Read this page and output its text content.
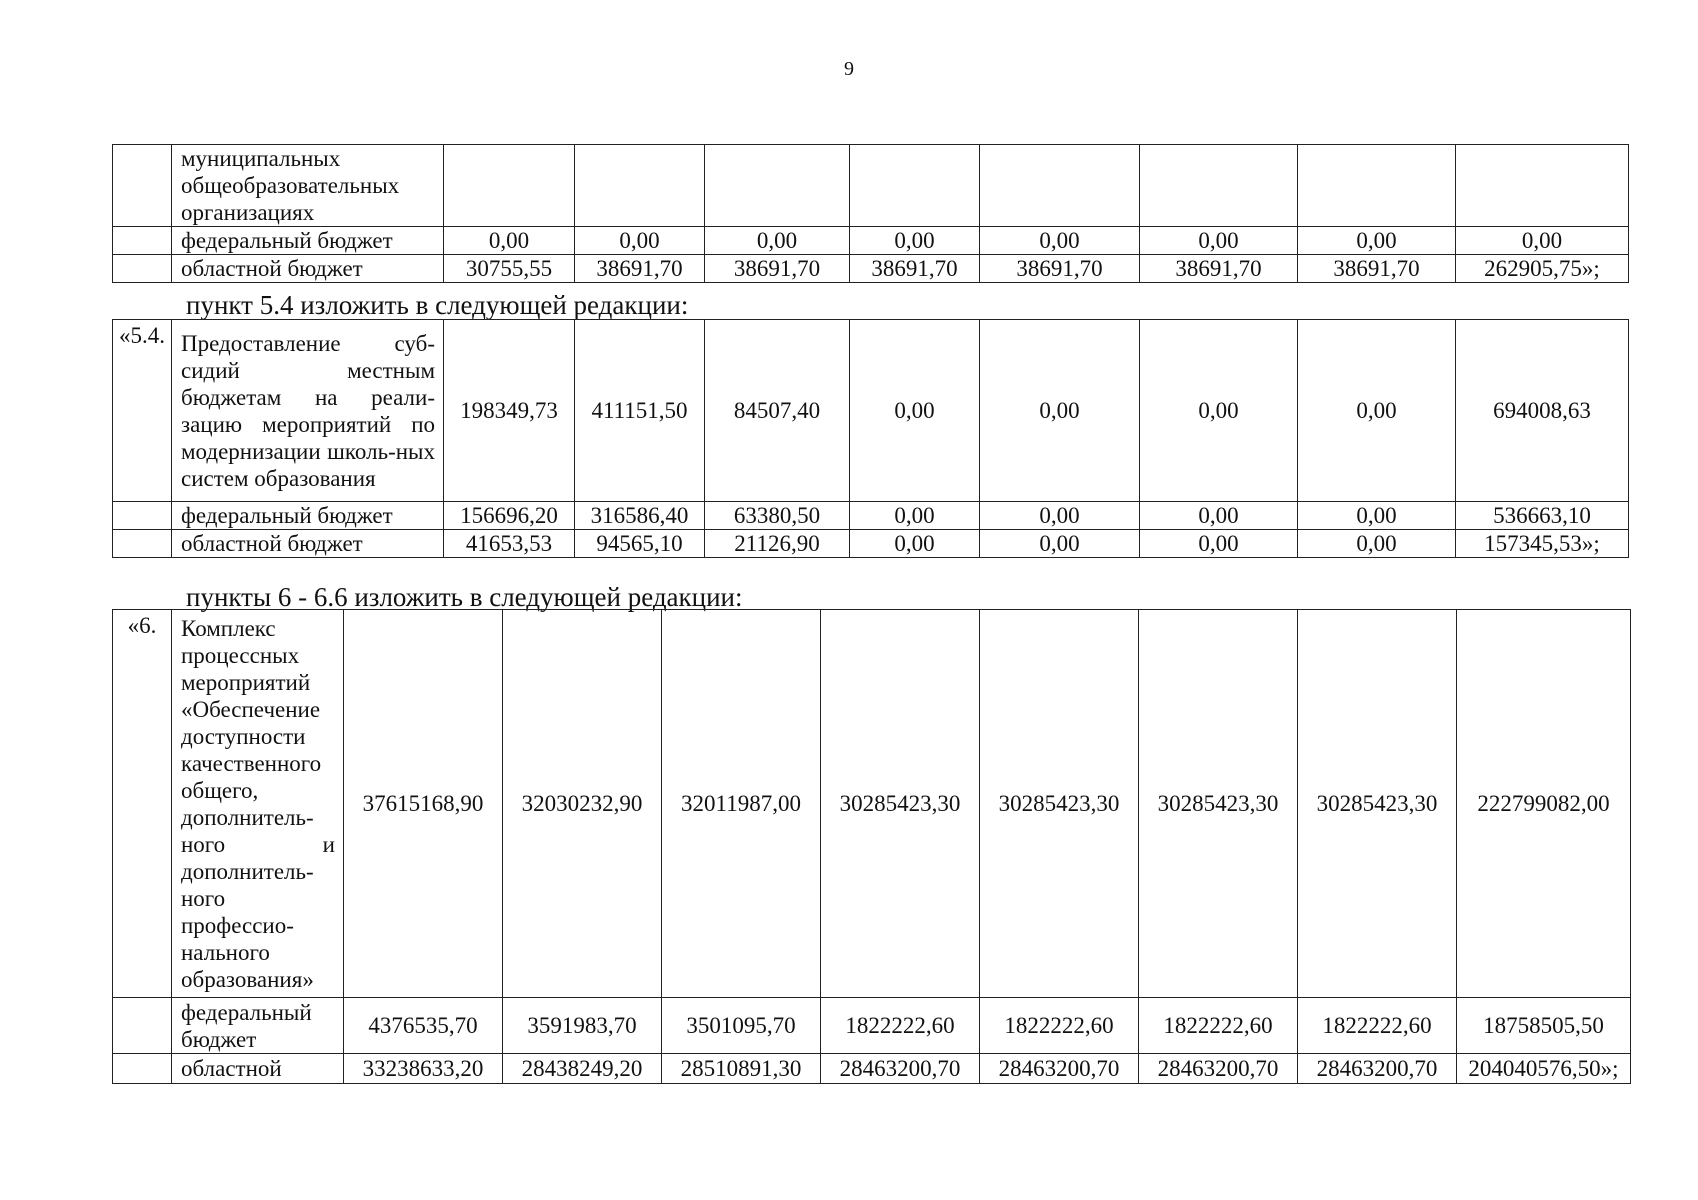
9
	муниципальных общеобразовательных организациях								
	федеральный бюджет	0,00	0,00	0,00	0,00	0,00	0,00	0,00	0,00
	областной бюджет	30755,55	38691,70	38691,70	38691,70	38691,70	38691,70	38691,70	262905,75»;
пункт 5.4 изложить в следующей редакции:
«5.4.	Предоставление суб-сидий местным бюджетам на реали-зацию мероприятий по модернизации школь-ных систем образования	198349,73	411151,50	84507,40	0,00	0,00	0,00	0,00	694008,63
	федеральный бюджет	156696,20	316586,40	63380,50	0,00	0,00	0,00	0,00	536663,10
	областной бюджет	41653,53	94565,10	21126,90	0,00	0,00	0,00	0,00	157345,53»;
пункты 6 - 6.6 изложить в следующей редакции:
«6.	Комплекс процессных мероприятий «Обеспечение доступности качественного общего, дополнитель-ного и дополнитель-ного профессио-нального образования»	37615168,90	32030232,90	32011987,00	30285423,30	30285423,30	30285423,30	30285423,30	222799082,00
	федеральный бюджет	4376535,70	3591983,70	3501095,70	1822222,60	1822222,60	1822222,60	1822222,60	18758505,50
	областной	33238633,20	28438249,20	28510891,30	28463200,70	28463200,70	28463200,70	28463200,70	204040576,50»;
